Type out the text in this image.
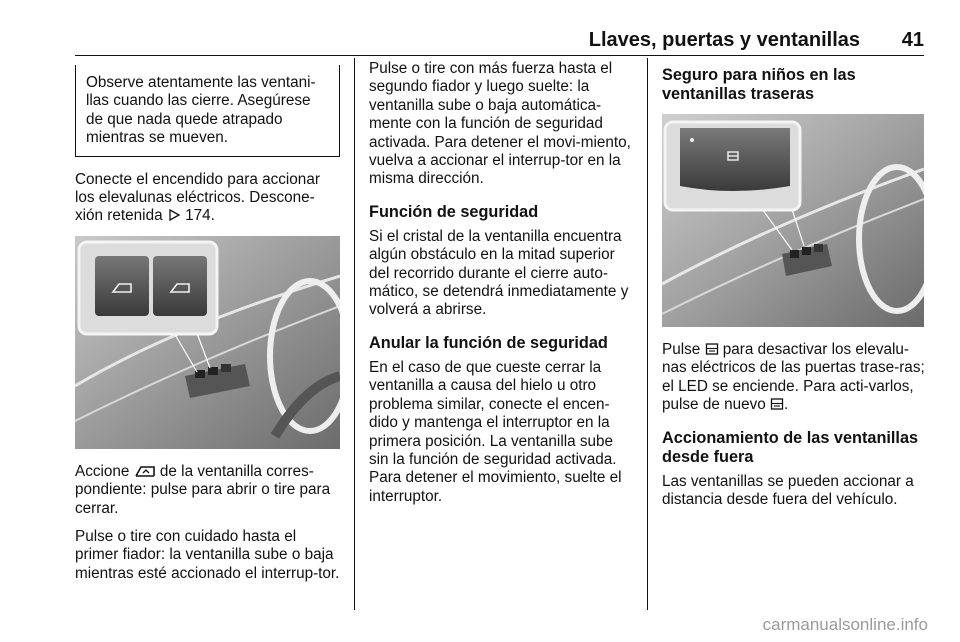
Llaves, puertas y ventanillas	41

Observe atentamente las ventani-llas cuando las cierre. Asegúrese de que nada quede atrapado mientras se mueven.

Conecte el encendido para accionar los elevalunas eléctricos. Descone-xión retenida  174.

Accione  de la ventanilla corres-pondiente: pulse para abrir o tire para cerrar.

Pulse o tire con cuidado hasta el primer fiador: la ventanilla sube o baja mientras esté accionado el interrup-tor.

Pulse o tire con más fuerza hasta el segundo fiador y luego suelte: la ventanilla sube o baja automática-mente con la función de seguridad activada. Para detener el movi-miento, vuelva a accionar el interrup-tor en la misma dirección.

Función de seguridad

Si el cristal de la ventanilla encuentra algún obstáculo en la mitad superior del recorrido durante el cierre auto-mático, se detendrá inmediatamente y volverá a abrirse.

Anular la función de seguridad

En el caso de que cueste cerrar la ventanilla a causa del hielo u otro problema similar, conecte el encen-dido y mantenga el interruptor en la primera posición. La ventanilla sube sin la función de seguridad activada. Para detener el movimiento, suelte el interruptor.

Seguro para niños en las ventanillas traseras

Pulse  para desactivar los elevalu-nas eléctricos de las puertas trase-ras; el LED se enciende. Para acti-varlos, pulse de nuevo .

Accionamiento de las ventanillas desde fuera

Las ventanillas se pueden accionar a distancia desde fuera del vehículo.

carmanualsonline.info
